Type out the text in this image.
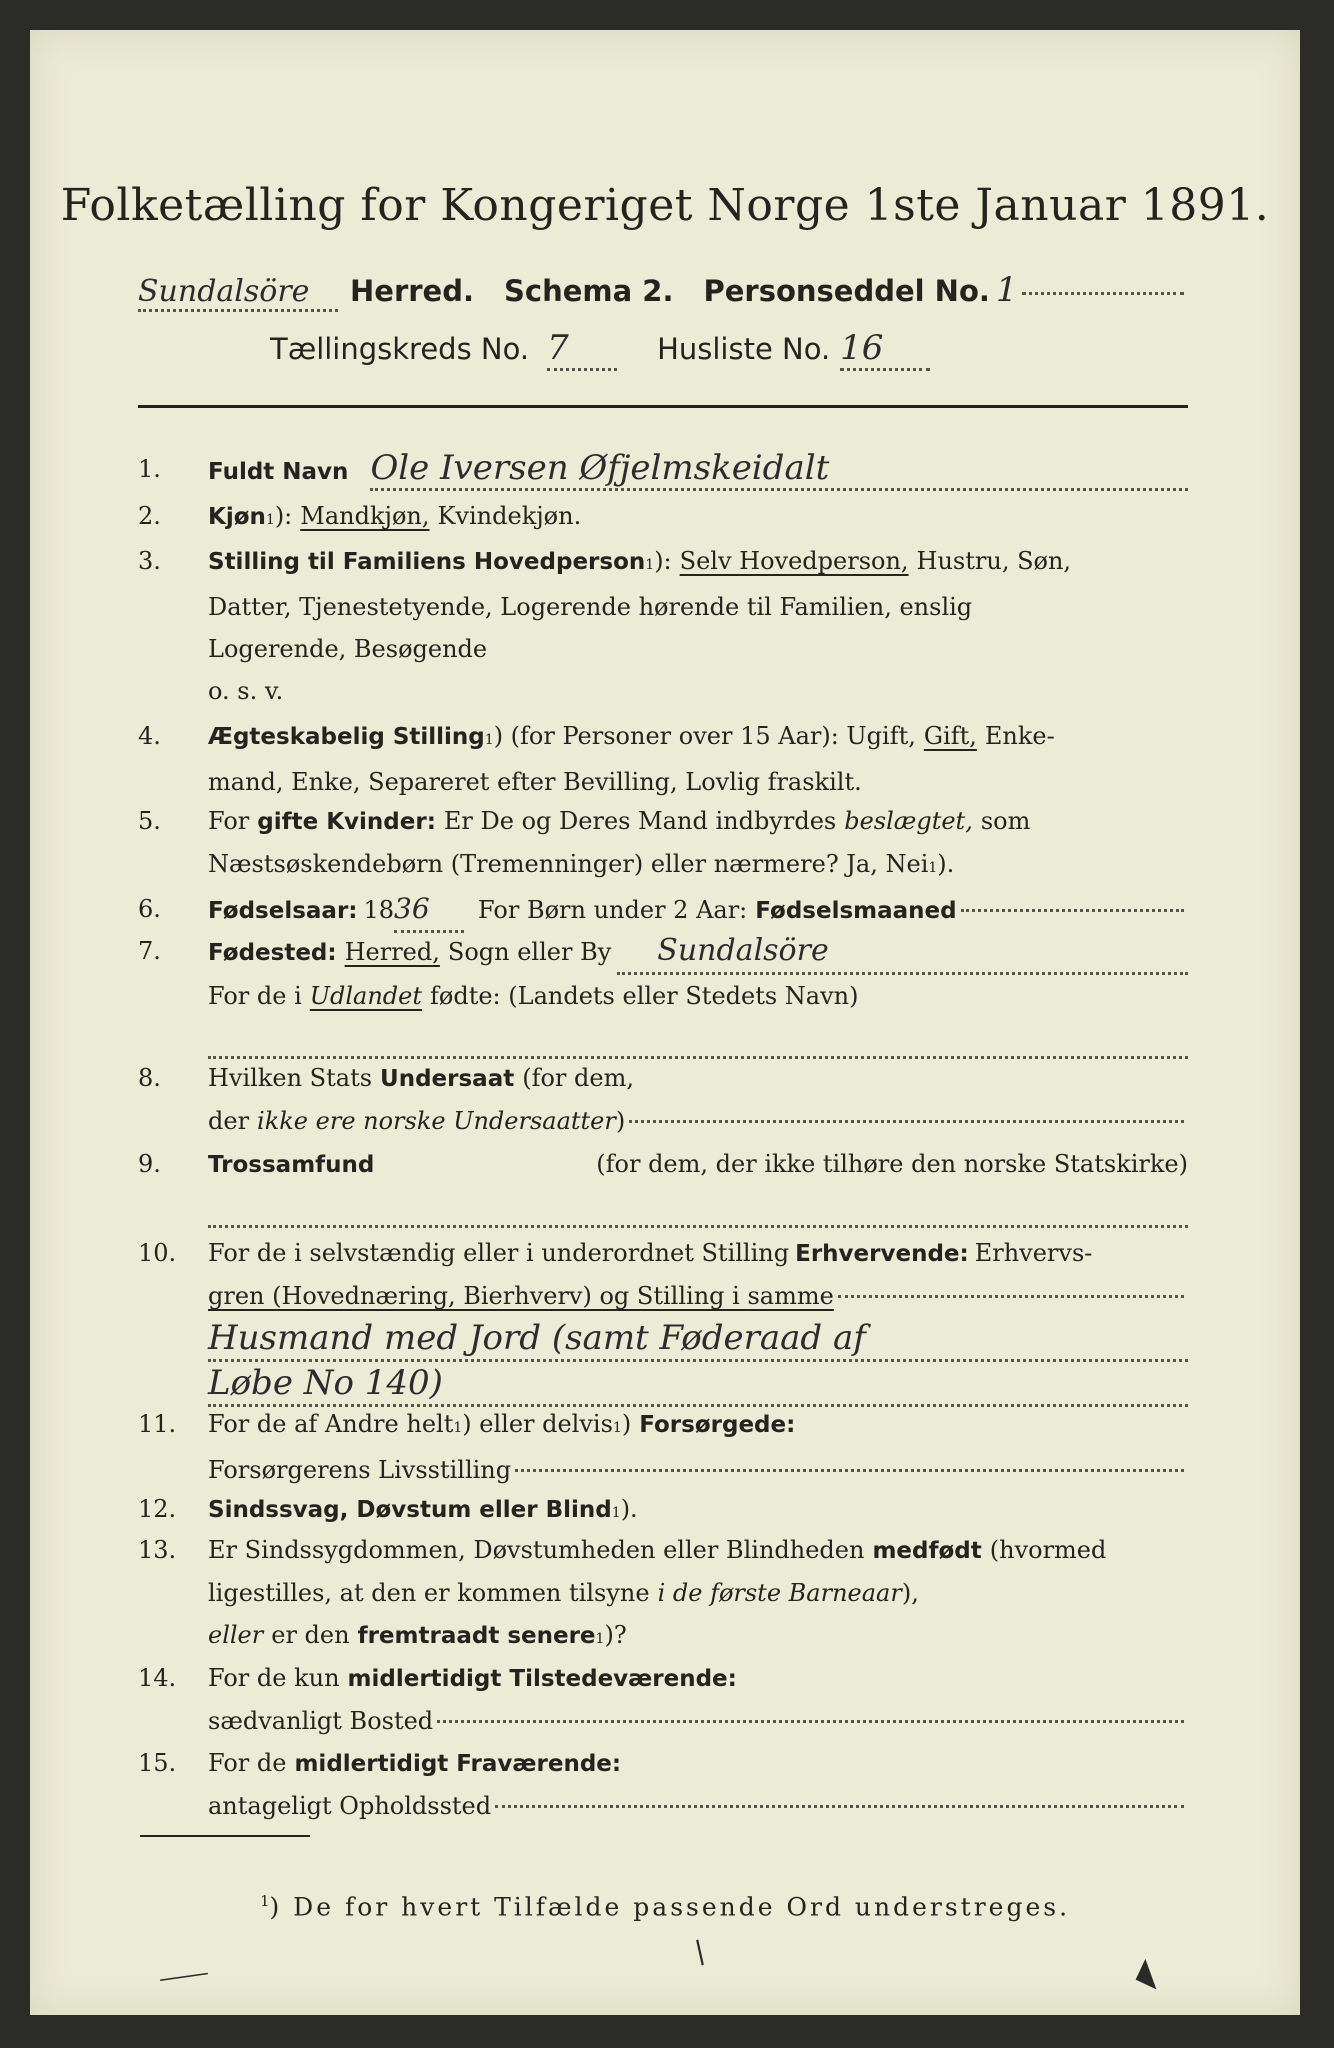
Folketælling for Kongeriget Norge 1ste Januar 1891.
Sundalsöre	Herred. Schema 2. Personseddel No. 1
Tællingskreds No. 7	Husliste No. 16
1.	Fuldt Navn Ole Iversen Øfjelmskeidalt
2.	Kjøn 1 ): Mandkjøn, Kvindekjøn.
3.	Stilling til Familiens Hovedperson 1 ): Selv Hovedperson, Hustru, Søn,
Datter, Tjenestetyende, Logerende hørende til Familien, enslig
Logerende, Besøgende
o. s. v.
4.	Ægteskabelig Stilling 1 ) (for Personer over 15 Aar): Ugift, Gift, Enke-
mand, Enke, Separeret efter Bevilling, Lovlig fraskilt.
5.	For gifte Kvinder: Er De og Deres Mand indbyrdes beslægtet, som
Næstsøskendebørn (Tremenninger) eller nærmere? Ja, Nei 1 ).
6.	Fødselsaar: 18 36	For Børn under 2 Aar: Fødselsmaaned
7.	Fødested: Herred, Sogn eller By	Sundalsöre
For de i Udlandet fødte: (Landets eller Stedets Navn)
8.	Hvilken Stats Undersaat (for dem,
der ikke ere norske Undersaatter )
9.	Trossamfund	(for dem, der ikke tilhøre den norske Statskirke)
10.	For de i selvstændig eller i underordnet Stilling Erhvervende: Erhvervs-
gren (Hovednæring, Bierhverv) og Stilling i samme
Husmand med Jord (samt Føderaad af
Løbe No 140)
11.	For de af Andre helt 1 ) eller delvis 1 ) Forsørgede:
Forsørgerens Livsstilling
12.	Sindssvag, Døvstum eller Blind 1 ).
13.	Er Sindssygdommen, Døvstumheden eller Blindheden medfødt (hvormed
ligestilles, at den er kommen tilsyne i de første Barneaar ),
eller er den fremtraadt senere 1 )?
14.	For de kun midlertidigt Tilstedeværende:
sædvanligt Bosted
15.	For de midlertidigt Fraværende:
antageligt Opholdssted
$^1$) De for hvert Tilfælde passende Ord understreges.
⸺
∕	◣
